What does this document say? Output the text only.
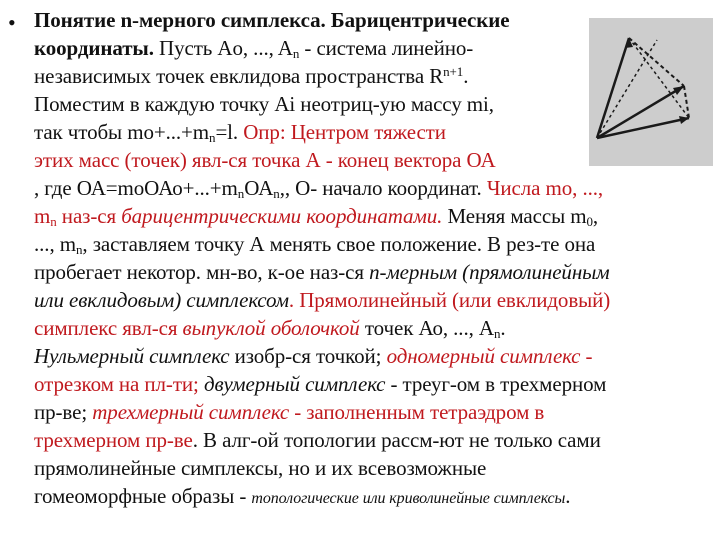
• Понятие n-мерного симплекса. Барицентрические
координаты. Пусть Ao, ..., $A_n$ - система линейно-
независимых точек евклидова пространства $R^{n+1}$.
Поместим в каждую точку Ai неотриц-ую массу mi,
так чтобы $mo+...+m_n=l$. Опр: Центром тяжести
этих масс (точек) явл-ся точка А - конец вектора ОА
, где $ОА=moОАо+...+m_nОА_n$,, О- начало координат. Числа mо, ...,
$m_n$ наз-ся барицентрическими координатами. Меняя массы $m_0$,
..., $m_n$, заставляем точку А менять свое положение. В рез-те она
пробегает некотор. мн-во, к-ое наз-ся n-мерным (прямолинейным
или евклидовым) симплексом. Прямолинейный (или евклидовый)
симплекс явл-ся выпуклой оболочкой точек Ао, ..., $А_n$.
Нульмерный симплекс изобр-ся точкой; одномерный симплекс -
отрезком на пл-ти; двумерный симплекс - треуг-ом в трехмерном
пр-ве; трехмерный симплекс - заполненным тетраэдром в
трехмерном пр-ве. В алг-ой топологии рассм-ют не только сами
прямолинейные симплексы, но и их всевозможные
гомеоморфные образы - топологические или криволинейные симплексы.
